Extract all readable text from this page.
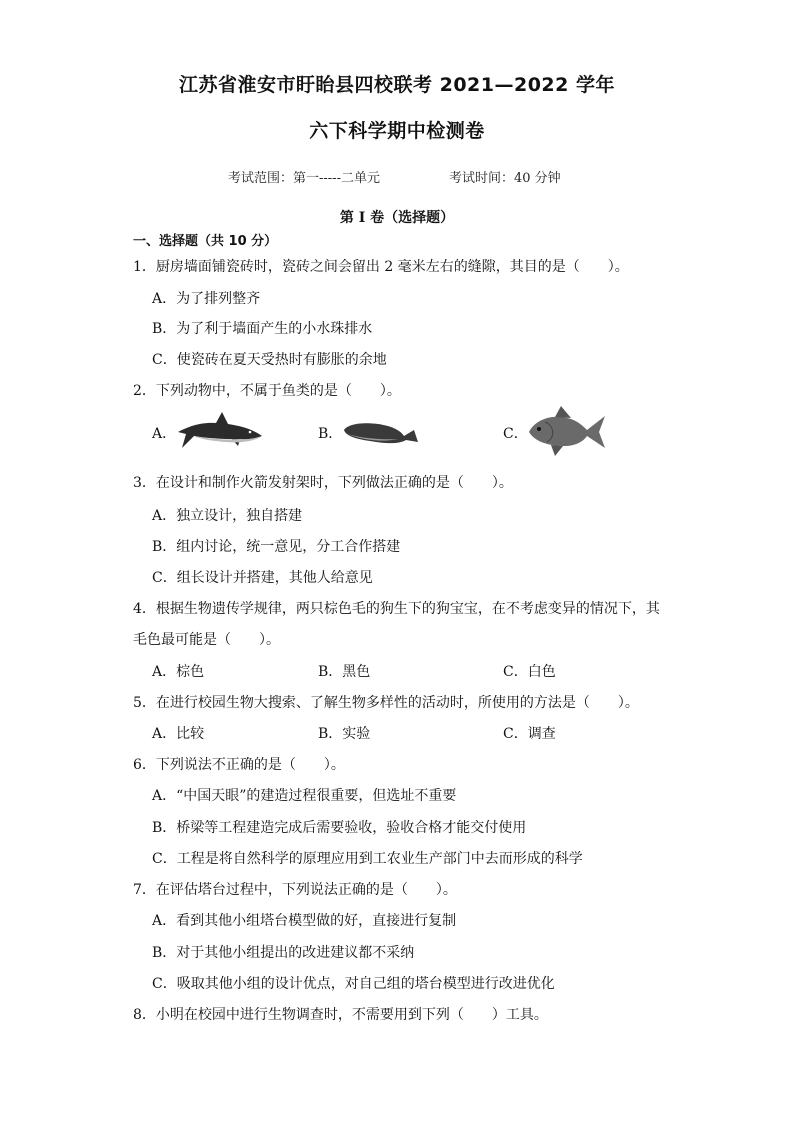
江苏省淮安市盱眙县四校联考 2021—2022 学年
六下科学期中检测卷
考试范围：第一-----二单元	考试时间：40 分钟
第 I 卷（选择题）
一、选择题（共 10 分）
1．厨房墙面铺瓷砖时，瓷砖之间会留出 2 毫米左右的缝隙，其目的是（　　）。
A．为了排列整齐
B．为了利于墙面产生的小水珠排水
C．使瓷砖在夏天受热时有膨胀的余地
2．下列动物中，不属于鱼类的是（　　）。
A．	B．	C．
3．在设计和制作火箭发射架时，下列做法正确的是（　　）。
A．独立设计，独自搭建
B．组内讨论，统一意见，分工合作搭建
C．组长设计并搭建，其他人给意见
4．根据生物遗传学规律，两只棕色毛的狗生下的狗宝宝，在不考虑变异的情况下，其
毛色最可能是（　　）。
A．棕色	B．黑色	C．白色
5．在进行校园生物大搜索、了解生物多样性的活动时，所使用的方法是（　　）。
A．比较	B．实验	C．调查
6．下列说法不正确的是（　　）。
A．“中国天眼”的建造过程很重要，但选址不重要
B．桥梁等工程建造完成后需要验收，验收合格才能交付使用
C．工程是将自然科学的原理应用到工农业生产部门中去而形成的科学
7．在评估塔台过程中，下列说法正确的是（　　）。
A．看到其他小组塔台模型做的好，直接进行复制
B．对于其他小组提出的改进建议都不采纳
C．吸取其他小组的设计优点，对自己组的塔台模型进行改进优化
8．小明在校园中进行生物调查时，不需要用到下列（　　）工具。
